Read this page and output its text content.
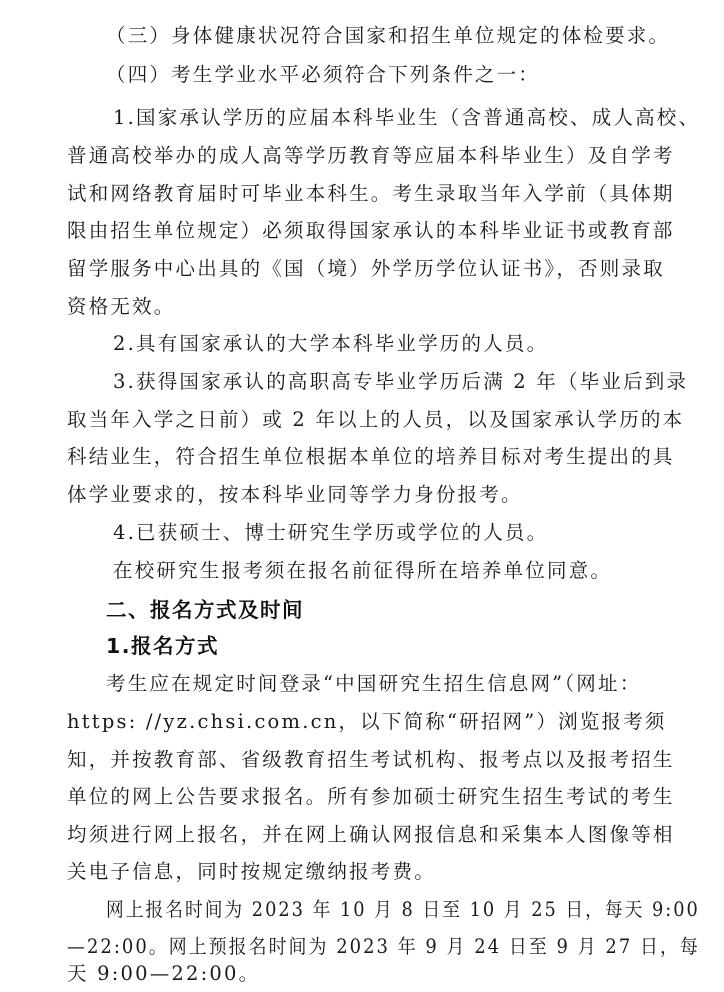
（三）身体健康状况符合国家和招生单位规定的体检要求。
（四）考生学业水平必须符合下列条件之一：
1.国家承认学历的应届本科毕业生（含普通高校、成人高校、
普通高校举办的成人高等学历教育等应届本科毕业生）及自学考
试和网络教育届时可毕业本科生。考生录取当年入学前（具体期
限由招生单位规定）必须取得国家承认的本科毕业证书或教育部
留学服务中心出具的《国（境）外学历学位认证书》，否则录取
资格无效。
2.具有国家承认的大学本科毕业学历的人员。
3.获得国家承认的高职高专毕业学历后满 2 年（毕业后到录
取当年入学之日前）或 2 年以上的人员，以及国家承认学历的本
科结业生，符合招生单位根据本单位的培养目标对考生提出的具
体学业要求的，按本科毕业同等学力身份报考。
4.已获硕士、博士研究生学历或学位的人员。
在校研究生报考须在报名前征得所在培养单位同意。
二、报名方式及时间
1.报名方式
考生应在规定时间登录“中国研究生招生信息网”（网址：
https: //yz.chsi.com.cn，以下简称“研招网”）浏览报考须
知，并按教育部、省级教育招生考试机构、报考点以及报考招生
单位的网上公告要求报名。所有参加硕士研究生招生考试的考生
均须进行网上报名，并在网上确认网报信息和采集本人图像等相
关电子信息，同时按规定缴纳报考费。
网上报名时间为 2023 年 10 月 8 日至 10 月 25 日，每天 9:00
—22:00。网上预报名时间为 2023 年 9 月 24 日至 9 月 27 日，每
天 9:00—22:00。
